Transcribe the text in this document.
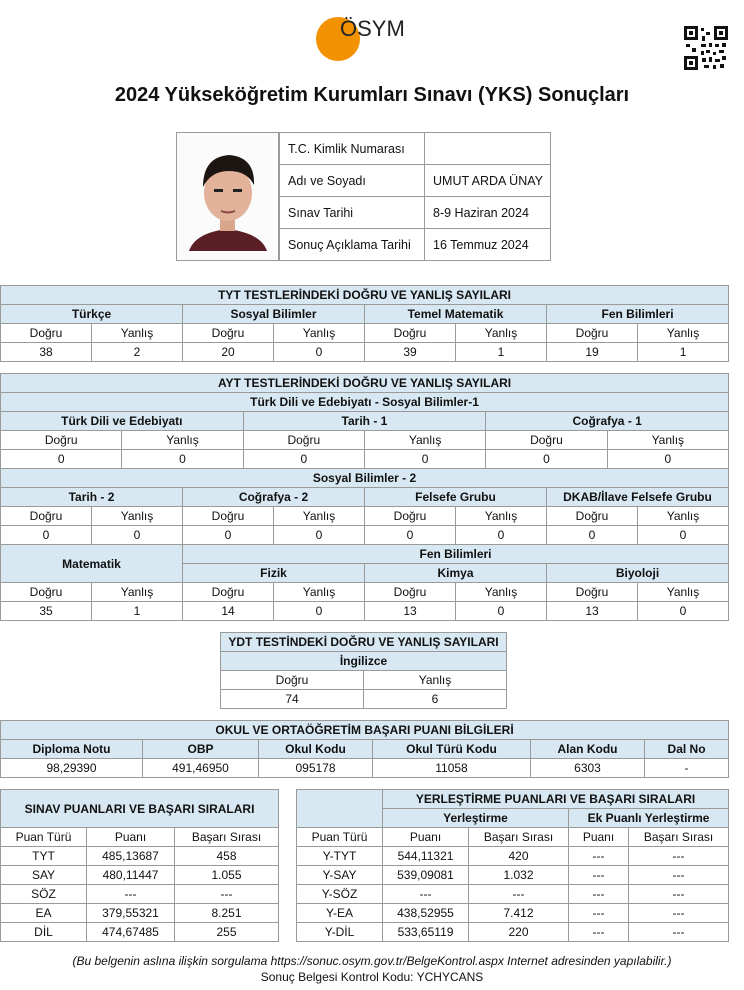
ÖSYM
2024 Yükseköğretim Kurumları Sınavı (YKS) Sonuçları
T.C. Kimlik Numarası	
Adı ve Soyadı	UMUT ARDA ÜNAY
Sınav Tarihi	8-9 Haziran 2024
Sonuç Açıklama Tarihi	16 Temmuz 2024
TYT TESTLERİNDEKİ DOĞRU VE YANLIŞ SAYILARI							
Türkçe		Sosyal Bilimler		Temel Matematik		Fen Bilimleri	
Doğru	Yanlış	Doğru	Yanlış	Doğru	Yanlış	Doğru	Yanlış
38	2	20	0	39	1	19	1
AYT TESTLERİNDEKİ DOĞRU VE YANLIŞ SAYILARI					
Türk Dili ve Edebiyatı - Sosyal Bilimler-1					
Türk Dili ve Edebiyatı		Tarih - 1		Coğrafya - 1	
Doğru	Yanlış	Doğru	Yanlış	Doğru	Yanlış
0	0	0	0	0	0
Sosyal Bilimler - 2							
Tarih - 2		Coğrafya - 2		Felsefe Grubu		DKAB/İlave Felsefe Grubu	
Doğru	Yanlış	Doğru	Yanlış	Doğru	Yanlış	Doğru	Yanlış
0	0	0	0	0	0	0	0
Matematik		Fen Bilimleri					
		Fizik		Kimya		Biyoloji	
Doğru	Yanlış	Doğru	Yanlış	Doğru	Yanlış	Doğru	Yanlış
35	1	14	0	13	0	13	0
YDT TESTİNDEKİ DOĞRU VE YANLIŞ SAYILARI	
İngilizce	
Doğru	Yanlış
74	6
OKUL VE ORTAÖĞRETİM BAŞARI PUANI BİLGİLERİ					
Diploma Notu	OBP	Okul Kodu	Okul Türü Kodu	Alan Kodu	Dal No
98,29390	491,46950	095178	11058	6303	-
SINAV PUANLARI VE BAŞARI SIRALARI		
Puan Türü	Puanı	Başarı Sırası
TYT	485,13687	458
SAY	480,11447	1.055
SÖZ	---	---
EA	379,55321	8.251
DİL	474,67485	255
	YERLEŞTİRME PUANLARI VE BAŞARI SIRALARI			
	Yerleştirme		Ek Puanlı Yerleştirme	
Puan Türü	Puanı	Başarı Sırası	Puanı	Başarı Sırası
Y-TYT	544,11321	420	---	---
Y-SAY	539,09081	1.032	---	---
Y-SÖZ	---	---	---	---
Y-EA	438,52955	7.412	---	---
Y-DİL	533,65119	220	---	---
(Bu belgenin aslına ilişkin sorgulama https://sonuc.osym.gov.tr/BelgeKontrol.aspx Internet adresinden yapılabilir.)
Sonuç Belgesi Kontrol Kodu: YCHYCANS
